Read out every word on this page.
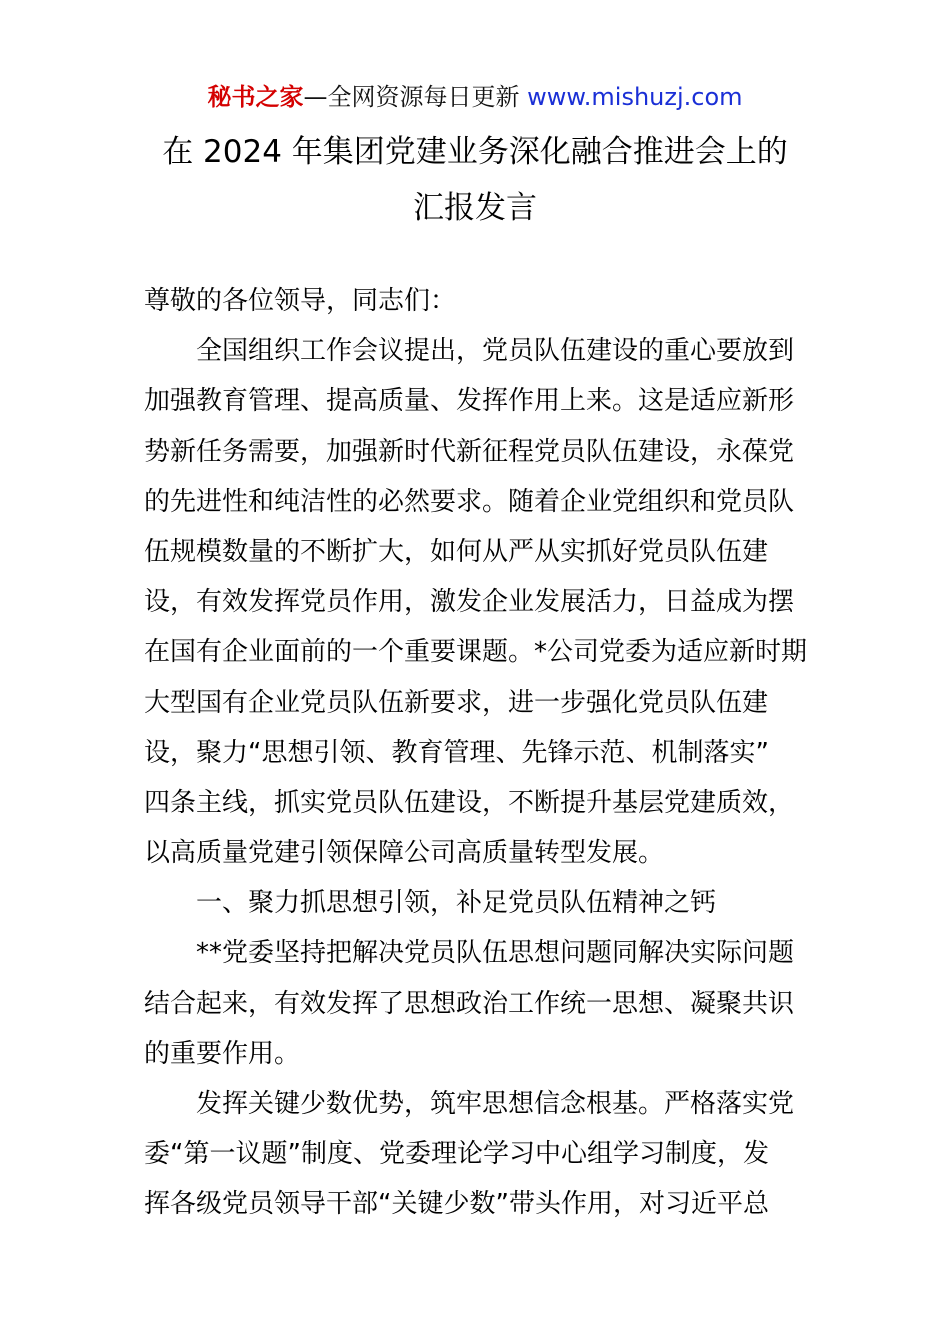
秘书之家—全网资源每日更新 www.mishuzj.com
在 2024 年集团党建业务深化融合推进会上的
汇报发言
尊敬的各位领导，同志们：
全国组织工作会议提出，党员队伍建设的重心要放到
加强教育管理、提高质量、发挥作用上来。这是适应新形
势新任务需要，加强新时代新征程党员队伍建设，永葆党
的先进性和纯洁性的必然要求。随着企业党组织和党员队
伍规模数量的不断扩大，如何从严从实抓好党员队伍建
设，有效发挥党员作用，激发企业发展活力，日益成为摆
在国有企业面前的一个重要课题。*公司党委为适应新时期
大型国有企业党员队伍新要求，进一步强化党员队伍建
设，聚力“思想引领、教育管理、先锋示范、机制落实”
四条主线，抓实党员队伍建设，不断提升基层党建质效，
以高质量党建引领保障公司高质量转型发展。
一、聚力抓思想引领，补足党员队伍精神之钙
**党委坚持把解决党员队伍思想问题同解决实际问题
结合起来，有效发挥了思想政治工作统一思想、凝聚共识
的重要作用。
发挥关键少数优势，筑牢思想信念根基。严格落实党
委“第一议题”制度、党委理论学习中心组学习制度，发
挥各级党员领导干部“关键少数”带头作用，对习近平总
